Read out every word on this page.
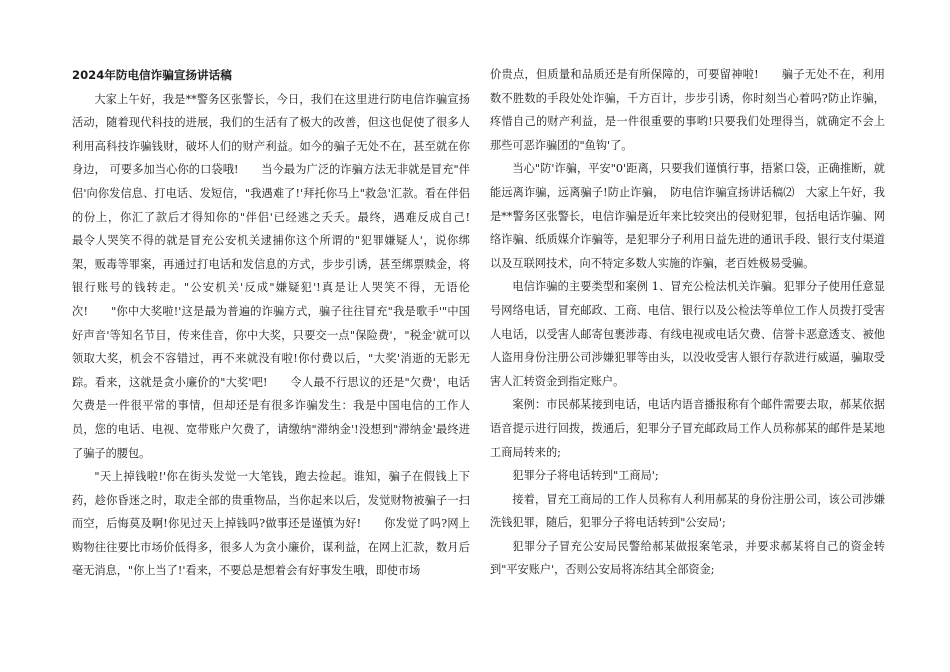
2024年防电信诈骗宣扬讲话稿

大家上午好，我是**警务区张警长，今日，我们在这里进行防电信诈骗宣扬活动，随着现代科技的进展，我们的生活有了极大的改善，但这也促使了很多人利用高科技诈骗钱财，破坏人们的财产利益。如今的骗子无处不在，甚至就在你身边， 可要多加当心你的口袋哦!　　当今最为广泛的诈骗方法无非就是冒充"伴侣'向你发信息、打电话、发短信，"我遇难了!'拜托你马上"救急'汇款。看在伴侣的份上，你汇了款后才得知你的"伴侣'已经逃之夭夭。最终，遇难反成自己!　　最令人哭笑不得的就是冒充公安机关逮捕你这个所谓的"犯罪嫌疑人'，说你绑架，贩毒等罪案，再通过打电话和发信息的方式，步步引诱，甚至绑票赎金，将银行账号的钱转走。"公安机关'反成"嫌疑犯'!真是让人哭笑不得，无语伦次!　　"你中大奖啦!'这是最为普遍的诈骗方式，骗子往往冒充"我是歌手'"中国好声音'等知名节目，传来佳音，你中大奖，只要交一点"保险费'，"税金'就可以领取大奖，机会不容错过，再不来就没有啦!你付费以后，"大奖'消逝的无影无踪。看来，这就是贪小廉价的"大奖'吧!　　令人最不行思议的还是"欠费'，电话欠费是一件很平常的事情，但却还是有很多诈骗发生：我是中国电信的工作人员，您的电话、电视、宽带账户欠费了，请缴纳"滞纳金'!没想到"滞纳金'最终进了骗子的腰包。

"天上掉钱啦!'你在街头发觉一大笔钱，跑去捡起。谁知，骗子在假钱上下药，趁你昏迷之时，取走全部的贵重物品，当你起来以后，发觉财物被骗子一扫而空，后悔莫及啊!你见过天上掉钱吗?做事还是谨慎为好!　　你发觉了吗?网上购物往往要比市场价低得多，很多人为贪小廉价，谋利益，在网上汇款，数月后毫无消息，"你上当了!'看来，不要总是想着会有好事发生哦，即使市场

价贵点，但质量和品质还是有所保障的，可要留神啦!　　骗子无处不在，利用数不胜数的手段处处诈骗，千方百计，步步引诱，你时刻当心着吗?防止诈骗，疼惜自己的财产利益，是一件很重要的事哟!只要我们处理得当，就确定不会上那些可恶诈骗团的"鱼钩'了。

当心"防'诈骗，平安"0'距离，只要我们谨慎行事，捂紧口袋，正确推断，就能远离诈骗，远离骗子!防止诈骗，　防电信诈骗宣扬讲话稿⑵　大家上午好，我是**警务区张警长，电信诈骗是近年来比较突出的侵财犯罪，包括电话诈骗、网络诈骗、纸质媒介诈骗等，是犯罪分子利用日益先进的通讯手段、银行支付渠道以及互联网技术，向不特定多数人实施的诈骗，老百姓极易受骗。

电信诈骗的主要类型和案例 1、冒充公检法机关诈骗。犯罪分子使用任意显号网络电话，冒充邮政、工商、电信、银行以及公检法等单位工作人员拨打受害人电话，以受害人邮寄包裹涉毒、有线电视或电话欠费、信誉卡恶意透支、被他人盗用身份注册公司涉嫌犯罪等由头，以没收受害人银行存款进行威逼，骗取受害人汇转资金到指定账户。

案例：市民郝某接到电话，电话内语音播报称有个邮件需要去取，郝某依据语音提示进行回拨，拨通后，犯罪分子冒充邮政局工作人员称郝某的邮件是某地工商局转来的;

犯罪分子将电话转到"工商局';

接着，冒充工商局的工作人员称有人利用郝某的身份注册公司，该公司涉嫌洗钱犯罪，随后，犯罪分子将电话转到"公安局';

犯罪分子冒充公安局民警给郝某做报案笔录，并要求郝某将自己的资金转到"平安账户'，否则公安局将冻结其全部资金;
